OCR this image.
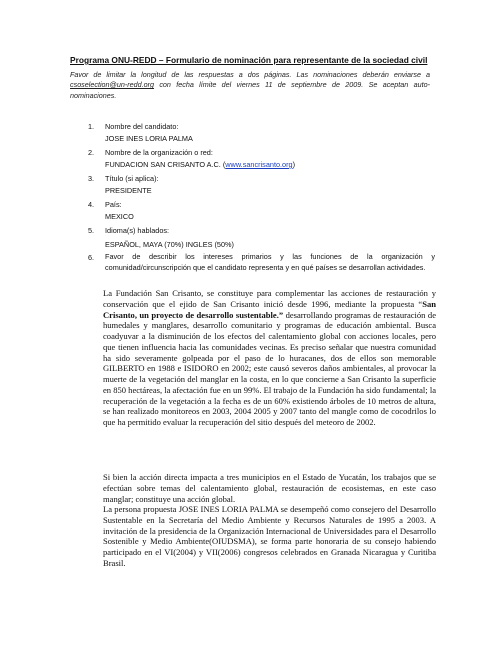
Programa ONU-REDD – Formulario de nominación para representante de la sociedad civil
Favor de limitar la longitud de las respuestas a dos páginas. Las nominaciones deberán enviarse a csoselection@un-redd.org con fecha límite del viernes 11 de septiembre de 2009. Se aceptan auto-nominaciones.
1. Nombre del candidato:
JOSE INES LORIA PALMA
2. Nombre de la organización o red:
FUNDACION SAN CRISANTO A.C. (www.sancrisanto.org)
3. Título (si aplica):
PRESIDENTE
4. País:
MEXICO
5. Idioma(s) hablados:
ESPAÑOL, MAYA (70%) INGLES (50%)
6. Favor de describir los intereses primarios y las funciones de la organización y comunidad/circunscripción que el candidato representa y en qué países se desarrollan actividades.

La Fundación San Crisanto, se constituye para complementar las acciones de restauración y conservación que el ejido de San Crisanto inició desde 1996, mediante la propuesta “San Crisanto, un proyecto de desarrollo sustentable.” desarrollando programas de restauración de humedales y manglares, desarrollo comunitario y programas de educación ambiental. Busca coadyuvar a la disminución de los efectos del calentamiento global con acciones locales, pero que tienen influencia hacia las comunidades vecinas. Es preciso señalar que nuestra comunidad ha sido severamente golpeada por el paso de lo huracanes, dos de ellos son memorable GILBERTO en 1988 e ISIDORO en 2002; este causó severos daños ambientales, al provocar la muerte de la vegetación del manglar en la costa, en lo que concierne a San Crisanto la superficie en 850 hectáreas, la afectación fue en un 99%. El trabajo de la Fundación ha sido fundamental; la recuperación de la vegetación a la fecha es de un 60% existiendo árboles de 10 metros de altura, se han realizado monitoreos en 2003, 2004 2005 y 2007 tanto del mangle como de cocodrilos lo que ha permitido evaluar la recuperación del sitio después del meteoro de 2002.

Si bien la acción directa impacta a tres municipios en el Estado de Yucatán, los trabajos que se efectúan sobre temas del calentamiento global, restauración de ecosistemas, en este caso manglar; constituye una acción global.

La persona propuesta JOSE INES LORIA PALMA se desempeñó como consejero del Desarrollo Sustentable en la Secretaría del Medio Ambiente y Recursos Naturales de 1995 a 2003. A invitación de la presidencia de la Organización Internacional de Universidades para el Desarrollo Sostenible y Medio Ambiente(OIUDSMA), se forma parte honoraria de su consejo habiendo participado en el VI(2004) y VII(2006) congresos celebrados en Granada Nicaragua y Curitiba Brasil.
